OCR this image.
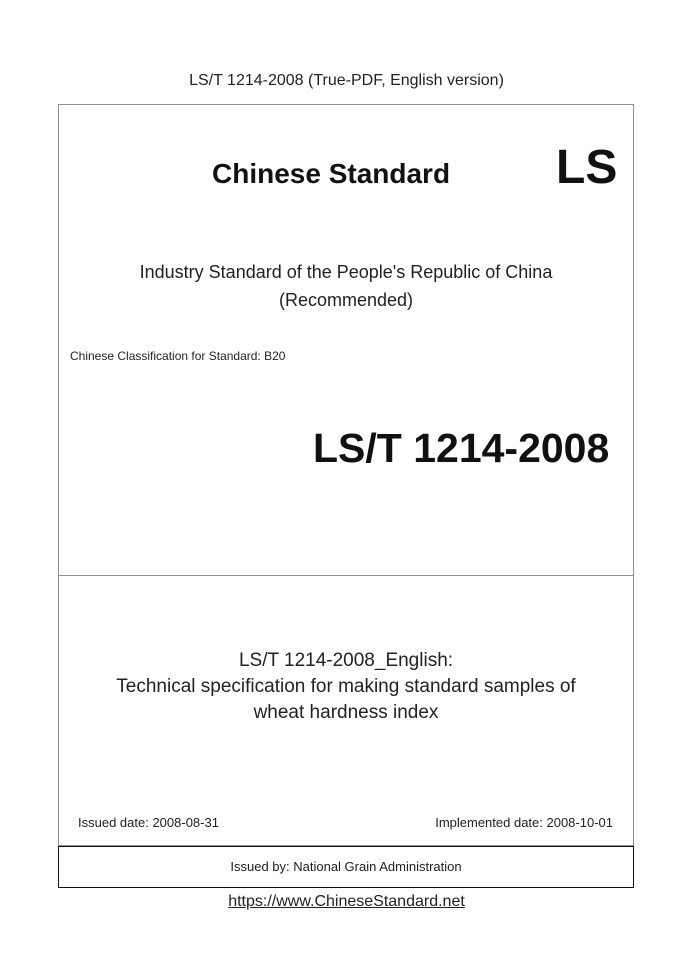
LS/T 1214-2008 (True-PDF, English version)
Chinese Standard LS
Industry Standard of the People's Republic of China
(Recommended)
Chinese Classification for Standard: B20
LS/T 1214-2008
LS/T 1214-2008_English:
Technical specification for making standard samples of
wheat hardness index
Issued date: 2008-08-31	Implemented date: 2008-10-01
Issued by: National Grain Administration
https://www.ChineseStandard.net
